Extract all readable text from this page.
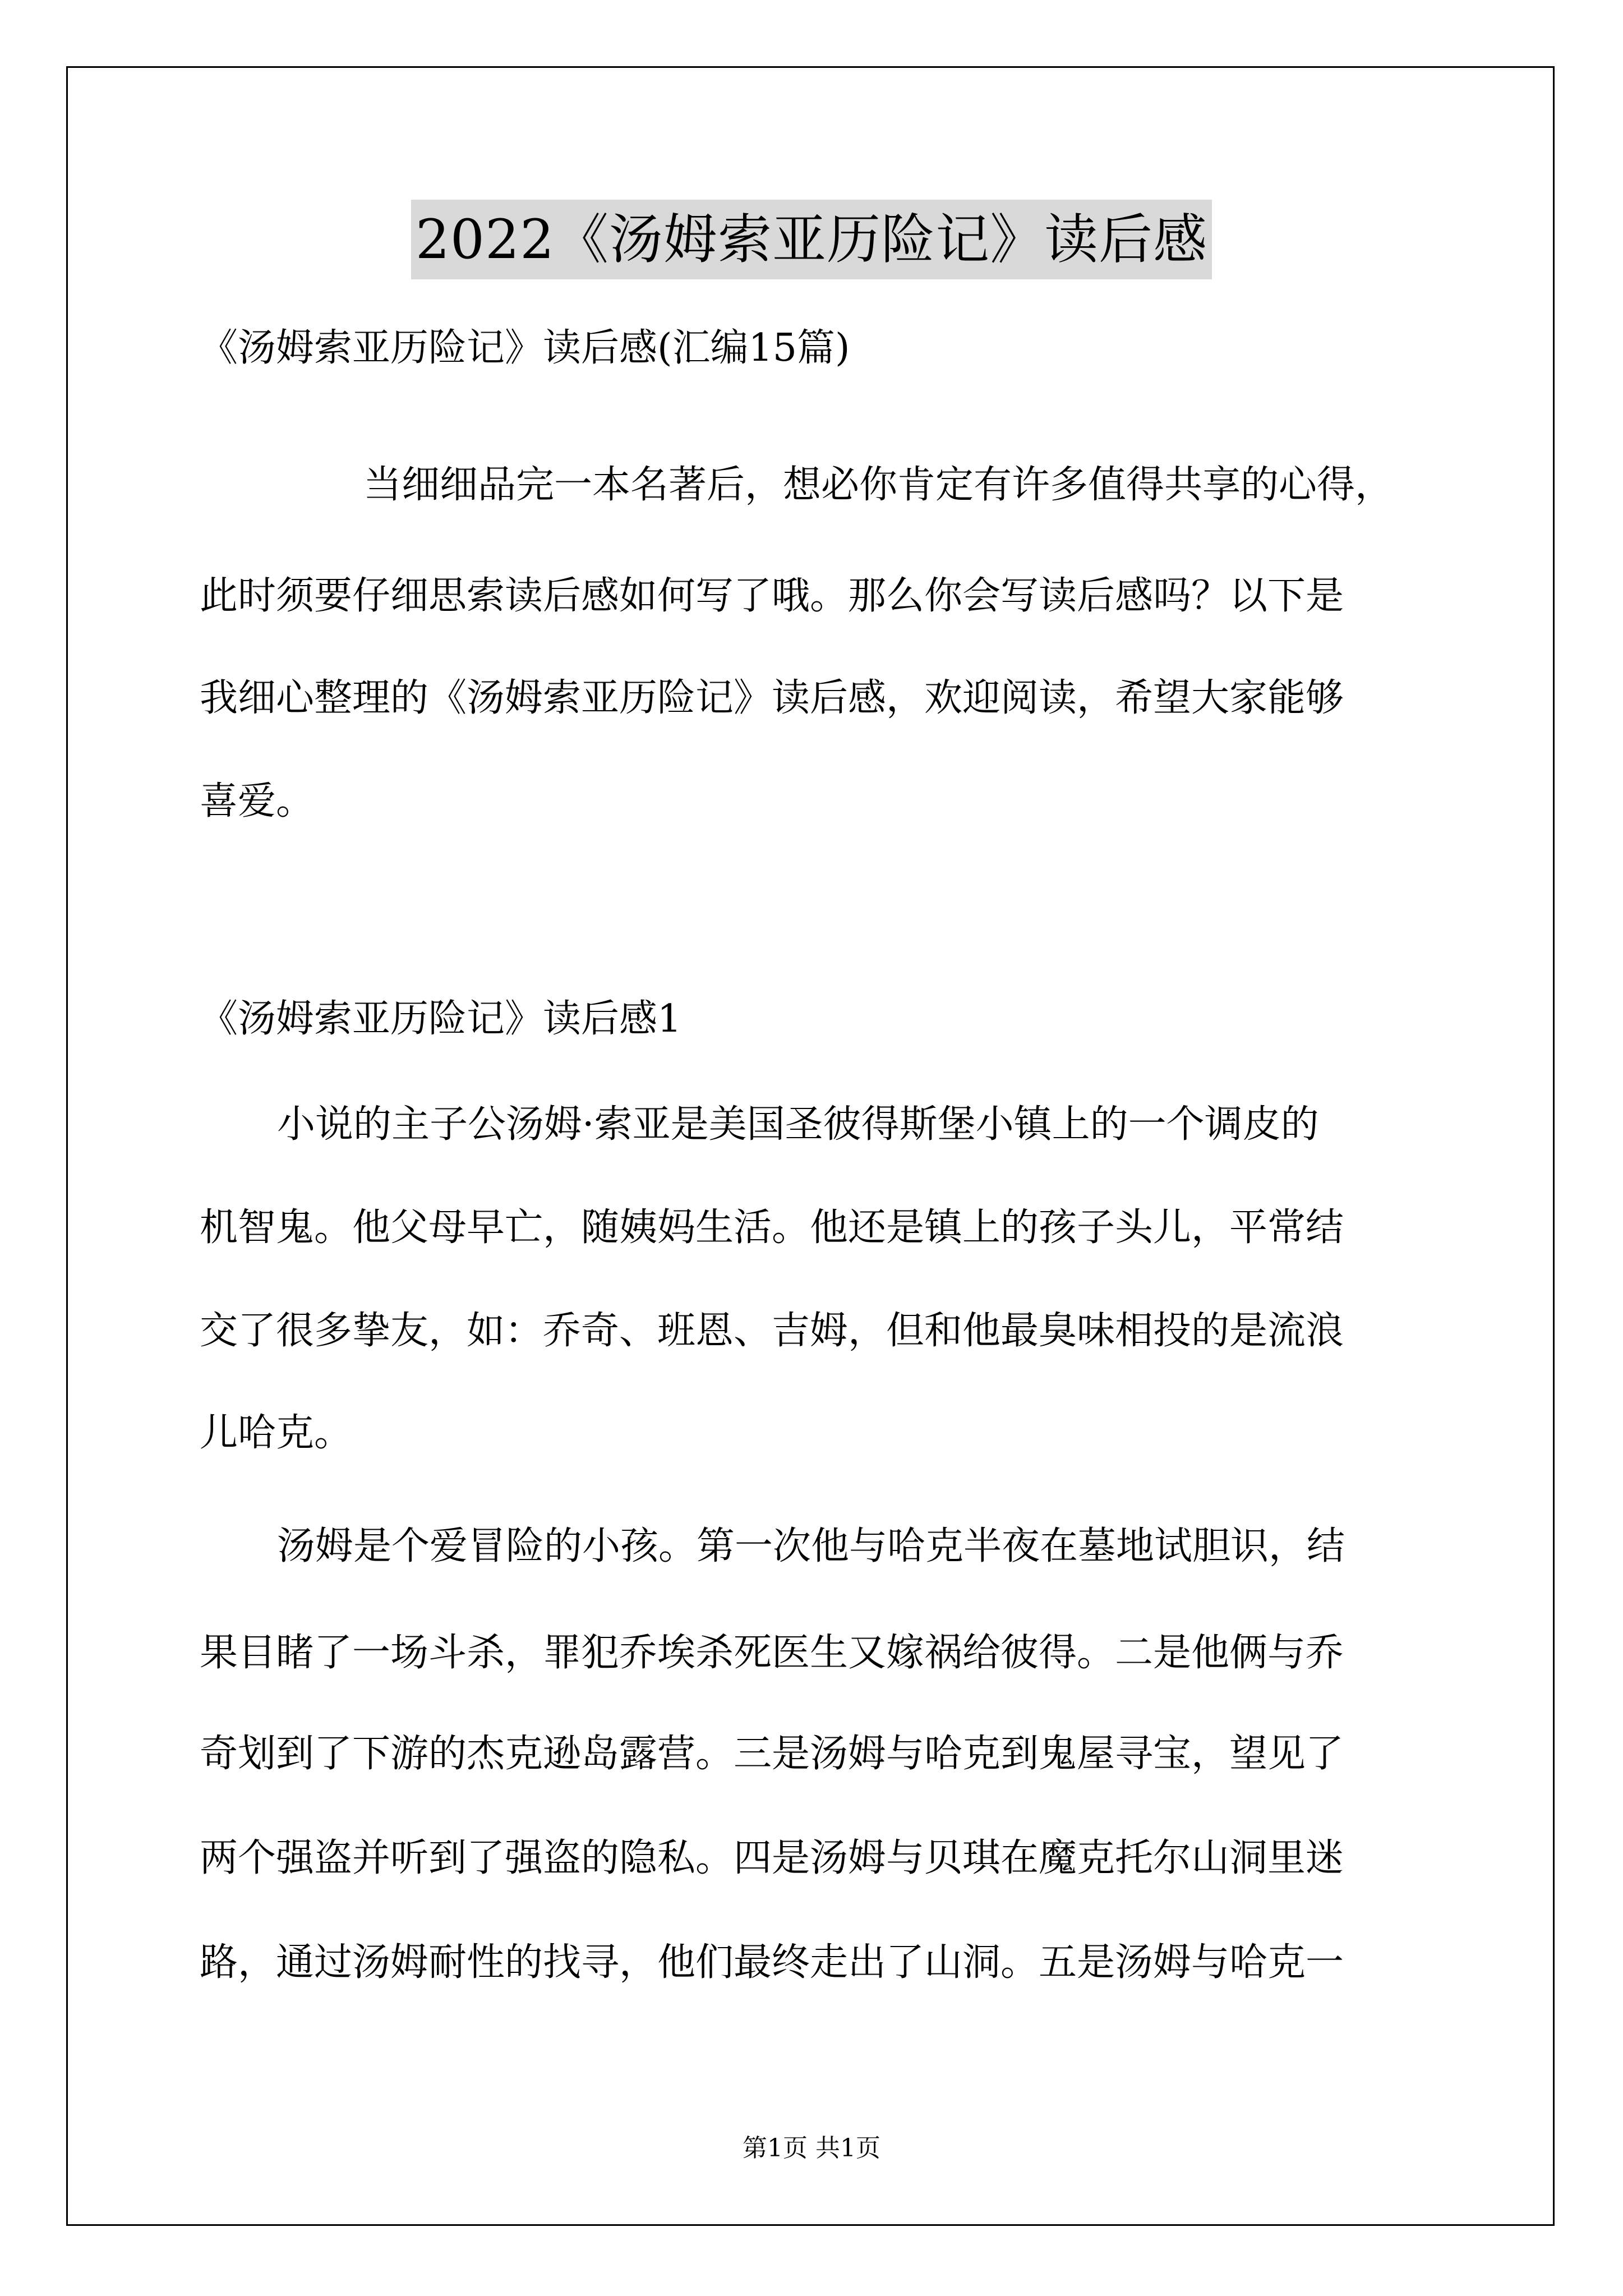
2022《汤姆索亚历险记》读后感
《汤姆索亚历险记》读后感(汇编15篇)
当细细品完一本名著后，想必你肯定有许多值得共享的心得，
此时须要仔细思索读后感如何写了哦。那么你会写读后感吗？以下是
我细心整理的《汤姆索亚历险记》读后感，欢迎阅读，希望大家能够
喜爱。
《汤姆索亚历险记》读后感1
小说的主子公汤姆·索亚是美国圣彼得斯堡小镇上的一个调皮的
机智鬼。他父母早亡，随姨妈生活。他还是镇上的孩子头儿，平常结
交了很多挚友，如：乔奇、班恩、吉姆，但和他最臭味相投的是流浪
儿哈克。
汤姆是个爱冒险的小孩。第一次他与哈克半夜在墓地试胆识，结
果目睹了一场斗杀，罪犯乔埃杀死医生又嫁祸给彼得。二是他俩与乔
奇划到了下游的杰克逊岛露营。三是汤姆与哈克到鬼屋寻宝，望见了
两个强盗并听到了强盗的隐私。四是汤姆与贝琪在魔克托尔山洞里迷
路，通过汤姆耐性的找寻，他们最终走出了山洞。五是汤姆与哈克一
第1页 共1页
